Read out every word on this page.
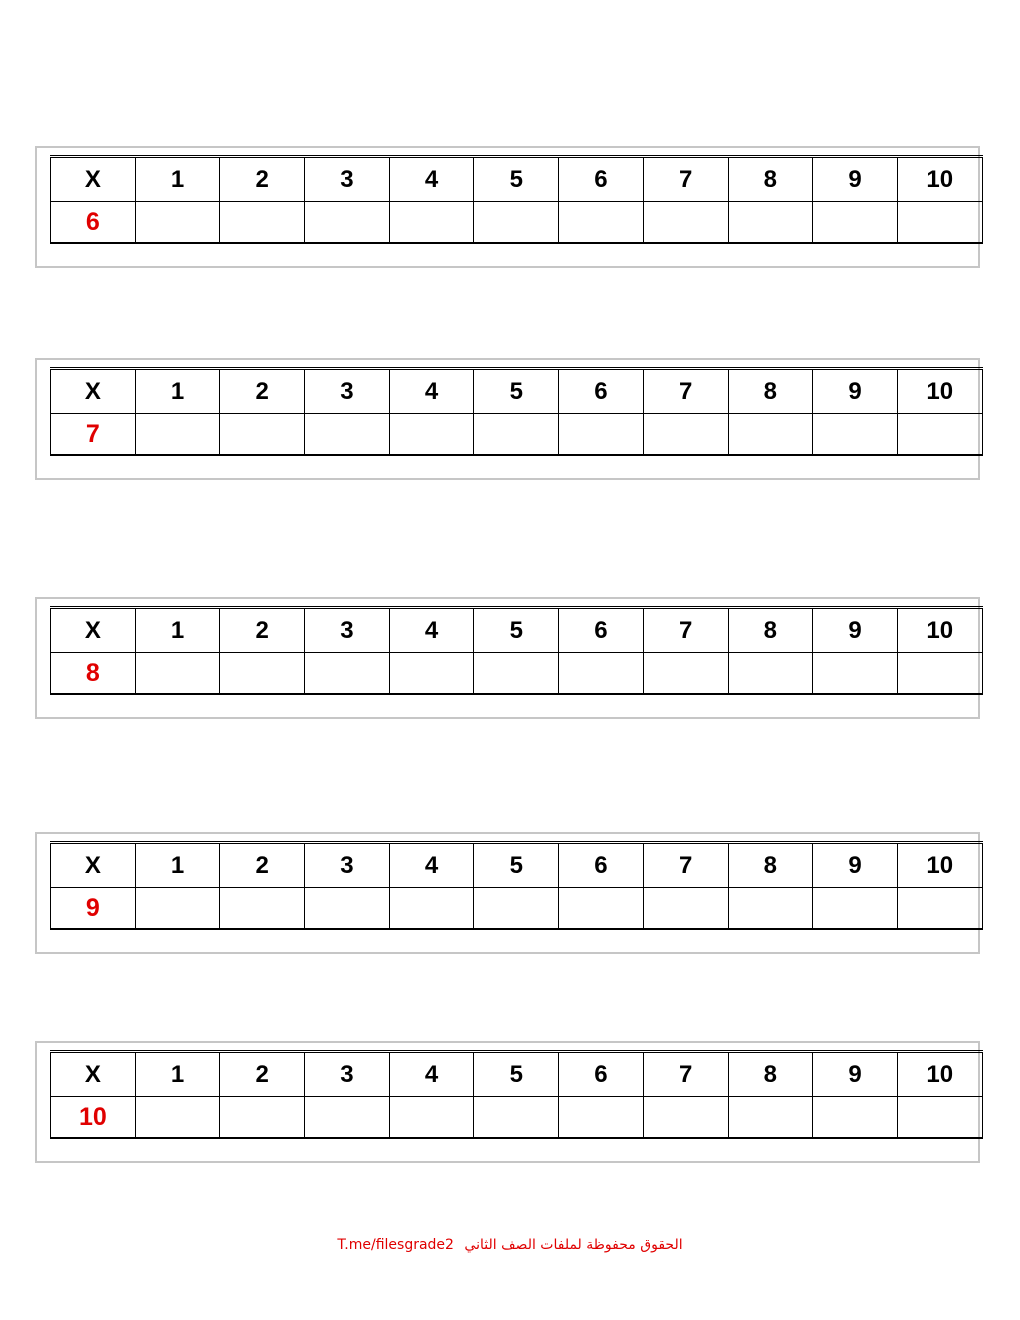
X	1	2	3	4	5	6	7	8	9	10
6										
X	1	2	3	4	5	6	7	8	9	10
7										
X	1	2	3	4	5	6	7	8	9	10
8										
X	1	2	3	4	5	6	7	8	9	10
9										
X	1	2	3	4	5	6	7	8	9	10
10										
T.me/filesgrade2 الحقوق محفوظة لملفات الصف الثاني
